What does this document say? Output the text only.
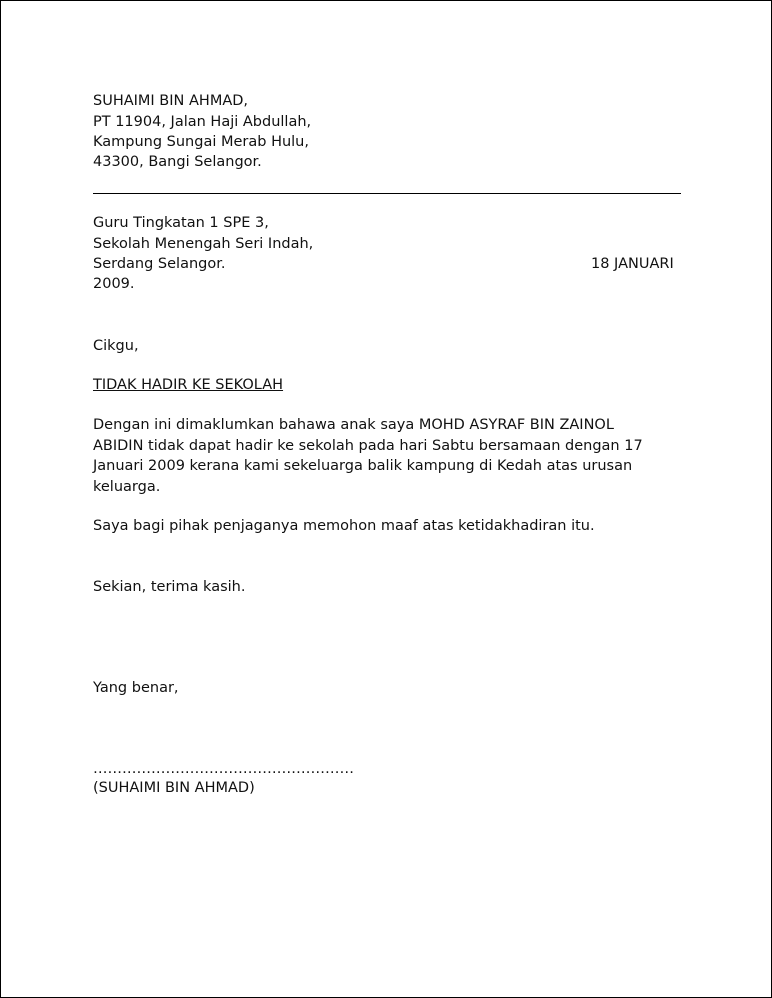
SUHAIMI BIN AHMAD,
PT 11904, Jalan Haji Abdullah,
Kampung Sungai Merab Hulu,
43300, Bangi Selangor.
Guru Tingkatan 1 SPE 3,
Sekolah Menengah Seri Indah,
Serdang Selangor.	18 JANUARI
2009.
Cikgu,
TIDAK HADIR KE SEKOLAH
Dengan ini dimaklumkan bahawa anak saya MOHD ASYRAF BIN ZAINOL
ABIDIN tidak dapat hadir ke sekolah pada hari Sabtu bersamaan dengan 17
Januari 2009 kerana kami sekeluarga balik kampung di Kedah atas urusan
keluarga.
Saya bagi pihak penjaganya memohon maaf atas ketidakhadiran itu.
Sekian, terima kasih.
Yang benar,
………………………………………………
(SUHAIMI BIN AHMAD)
